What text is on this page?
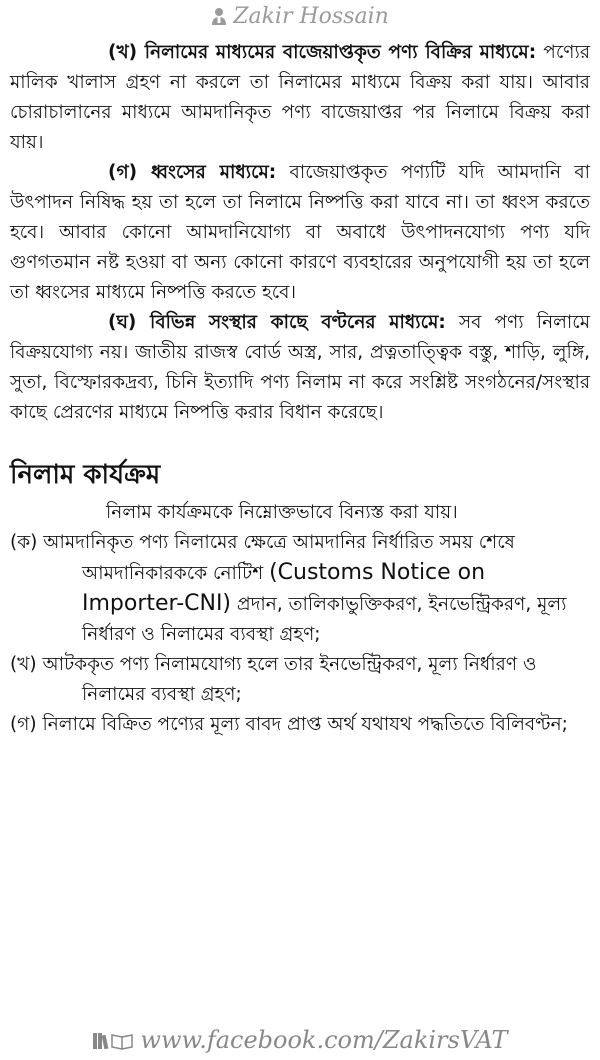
Zakir Hossain

(খ) নিলামের মাধ্যমের বাজেয়াপ্তকৃত পণ্য বিক্রির মাধ্যমে: পণ্যের মালিক খালাস গ্রহণ না করলে তা নিলামের মাধ্যমে বিক্রয় করা যায়। আবার চোরাচালানের মাধ্যমে আমদানিকৃত পণ্য বাজেয়াপ্তর পর নিলামে বিক্রয় করা যায়।

(গ) ধ্বংসের মাধ্যমে: বাজেয়াপ্তকৃত পণ্যটি যদি আমদানি বা উৎপাদন নিষিদ্ধ হয় তা হলে তা নিলামে নিষ্পত্তি করা যাবে না। তা ধ্বংস করতে হবে। আবার কোনো আমদানিযোগ্য বা অবাধে উৎপাদনযোগ্য পণ্য যদি গুণগতমান নষ্ট হওয়া বা অন্য কোনো কারণে ব্যবহারের অনুপযোগী হয় তা হলে তা ধ্বংসের মাধ্যমে নিষ্পত্তি করতে হবে।

(ঘ) বিভিন্ন সংস্থার কাছে বণ্টনের মাধ্যমে: সব পণ্য নিলামে বিক্রয়যোগ্য নয়। জাতীয় রাজস্ব বোর্ড অস্ত্র, সার, প্রত্নতাত্ত্বিক বস্তু, শাড়ি, লুঙ্গি, সুতা, বিস্ফোরকদ্রব্য, চিনি ইত্যাদি পণ্য নিলাম না করে সংশ্লিষ্ট সংগঠনের/সংস্থার কাছে প্রেরণের মাধ্যমে নিষ্পত্তি করার বিধান করেছে।

নিলাম কার্যক্রম

নিলাম কার্যক্রমকে নিম্নোক্তভাবে বিন্যস্ত করা যায়।

(ক) আমদানিকৃত পণ্য নিলামের ক্ষেত্রে আমদানির নির্ধারিত সময় শেষে আমদানিকারককে নোটিশ (Customs Notice on Importer-CNI) প্রদান, তালিকাভুক্তিকরণ, ইনভেন্ট্রিকরণ, মূল্য নির্ধারণ ও নিলামের ব্যবস্থা গ্রহণ;

(খ) আটককৃত পণ্য নিলামযোগ্য হলে তার ইনভেন্ট্রিকরণ, মূল্য নির্ধারণ ও নিলামের ব্যবস্থা গ্রহণ;

(গ) নিলামে বিক্রিত পণ্যের মূল্য বাবদ প্রাপ্ত অর্থ যথাযথ পদ্ধতিতে বিলিবণ্টন;

www.facebook.com/ZakirsVAT
